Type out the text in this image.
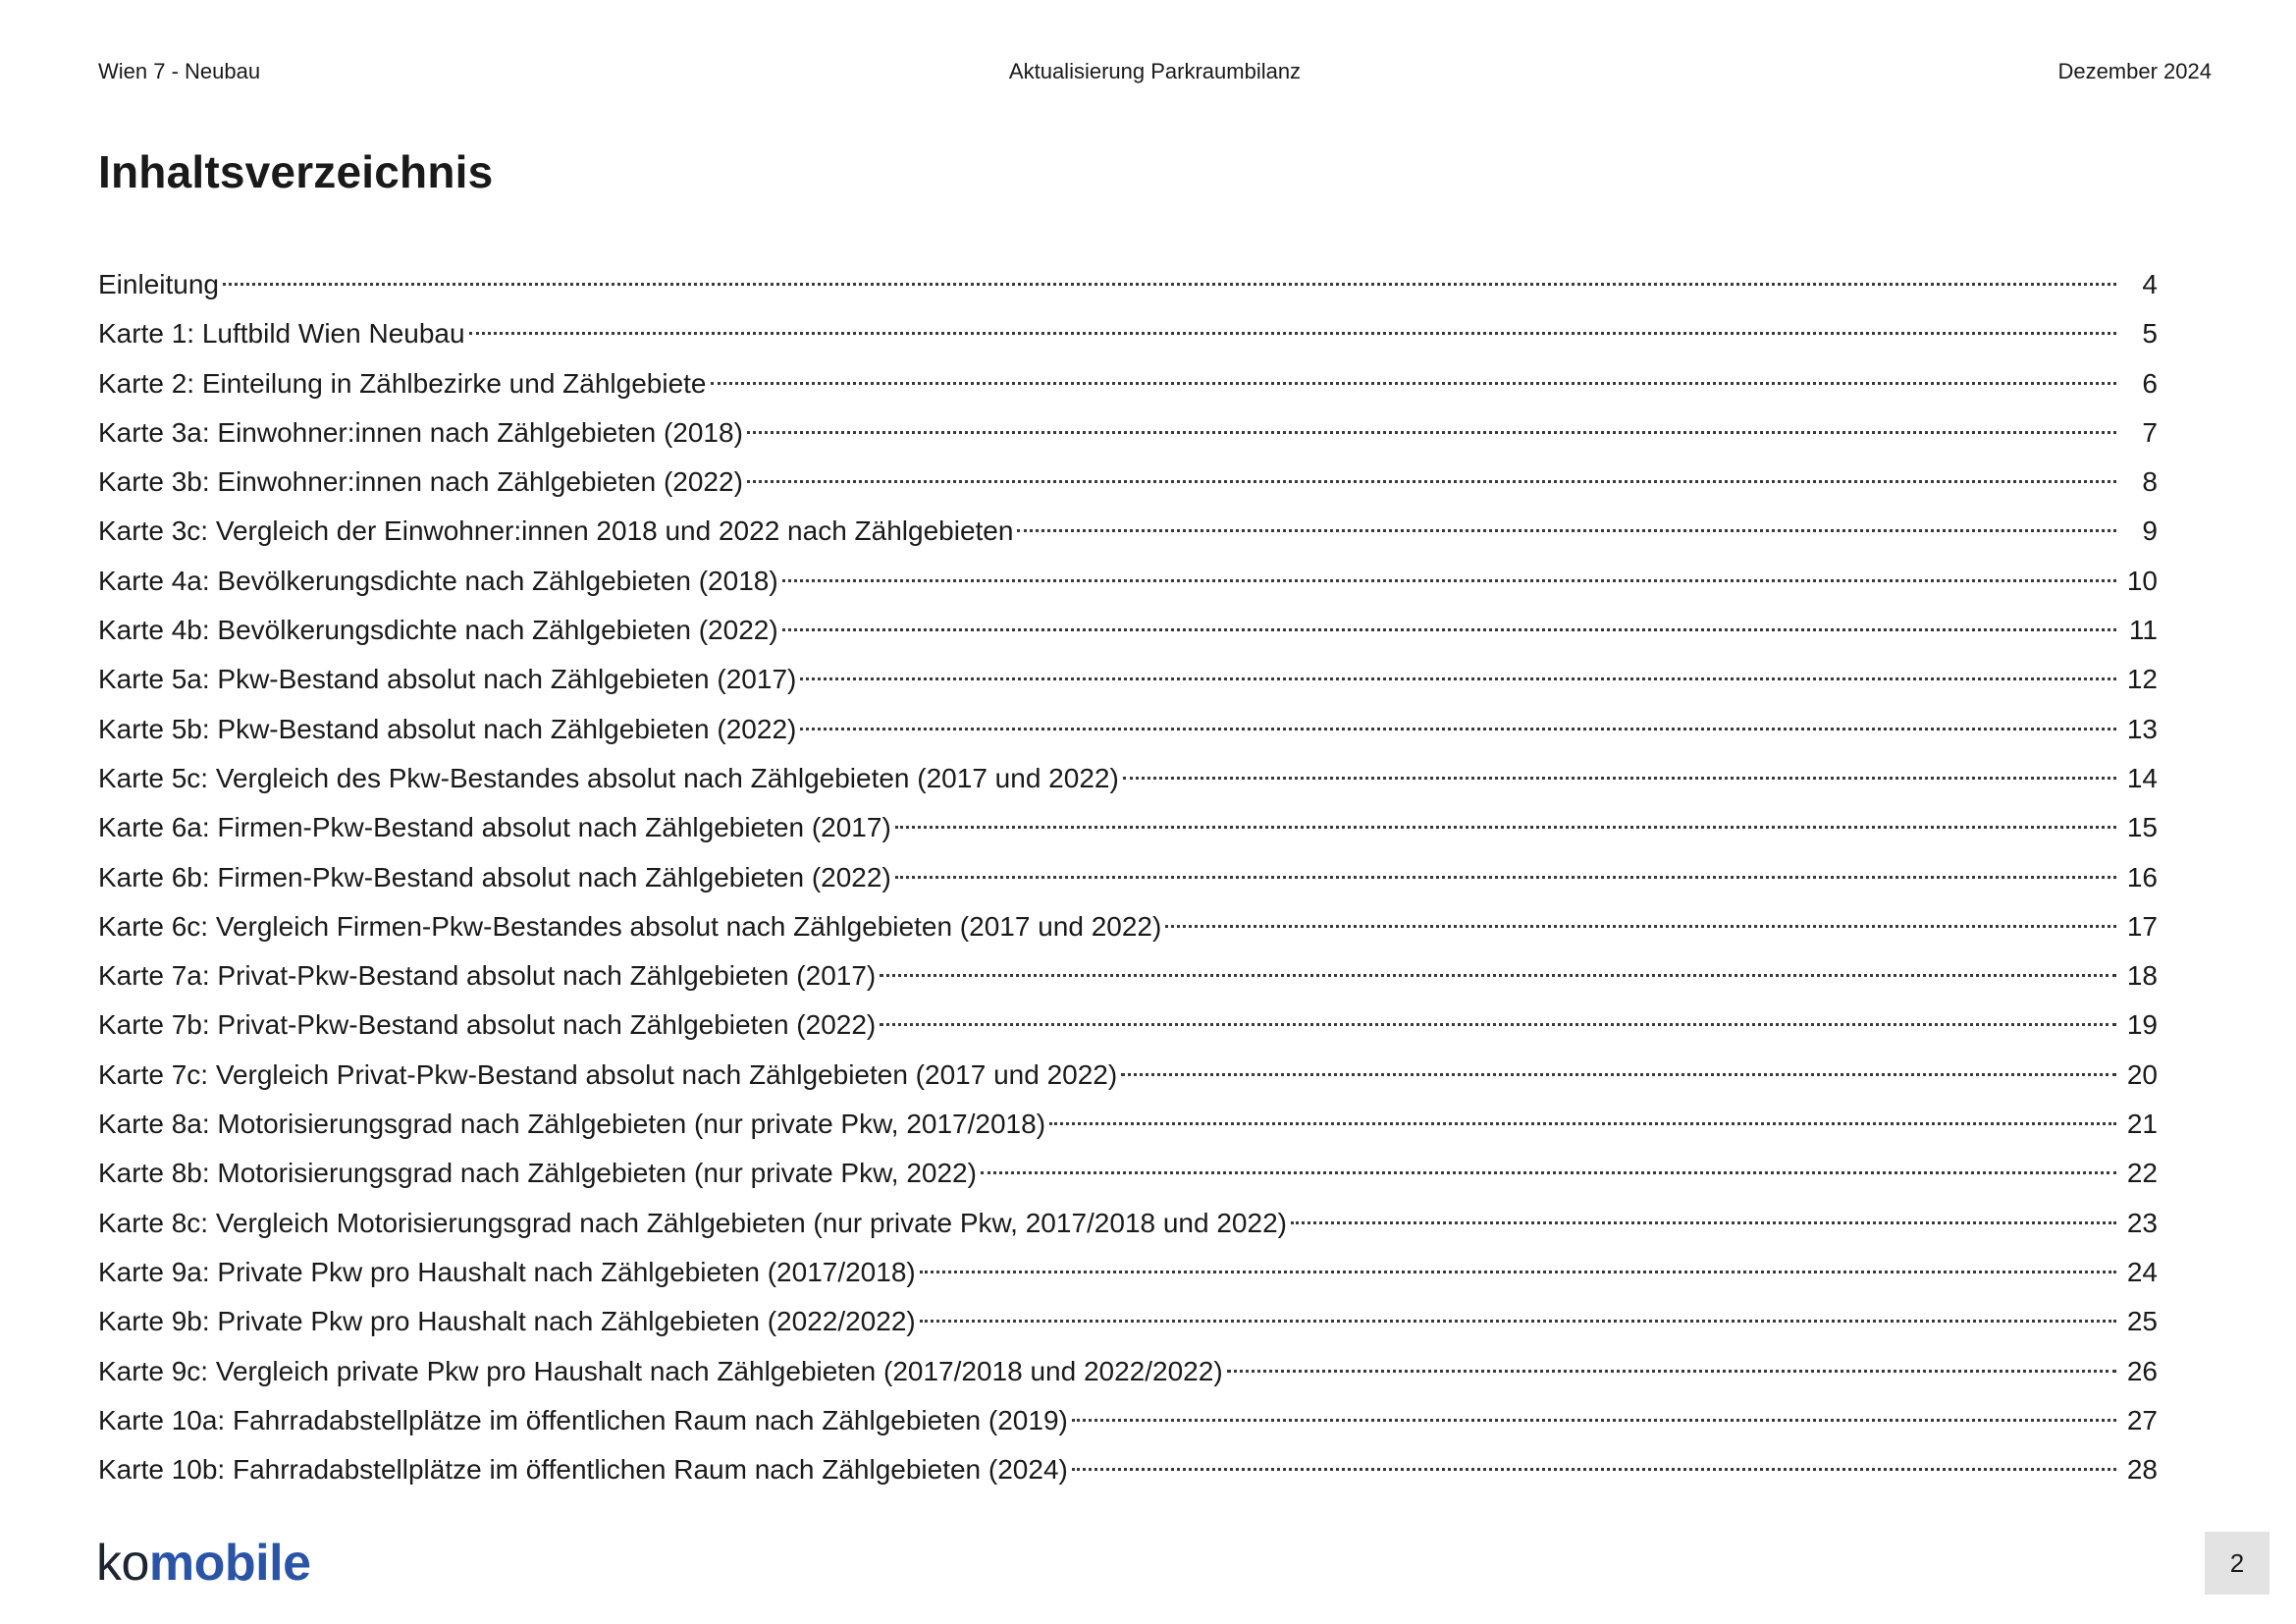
Wien 7 - Neubau	Aktualisierung Parkraumbilanz	Dezember 2024
Inhaltsverzeichnis
Einleitung	4
Karte 1: Luftbild Wien Neubau	5
Karte 2: Einteilung in Zählbezirke und Zählgebiete	6
Karte 3a: Einwohner:innen nach Zählgebieten (2018)	7
Karte 3b: Einwohner:innen nach Zählgebieten (2022)	8
Karte 3c: Vergleich der Einwohner:innen 2018 und 2022 nach Zählgebieten	9
Karte 4a: Bevölkerungsdichte nach Zählgebieten (2018)	10
Karte 4b: Bevölkerungsdichte nach Zählgebieten (2022)	11
Karte 5a: Pkw-Bestand absolut nach Zählgebieten (2017)	12
Karte 5b: Pkw-Bestand absolut nach Zählgebieten (2022)	13
Karte 5c: Vergleich des Pkw-Bestandes absolut nach Zählgebieten (2017 und 2022)	14
Karte 6a: Firmen-Pkw-Bestand absolut nach Zählgebieten (2017)	15
Karte 6b: Firmen-Pkw-Bestand absolut nach Zählgebieten (2022)	16
Karte 6c: Vergleich Firmen-Pkw-Bestandes absolut nach Zählgebieten (2017 und 2022)	17
Karte 7a: Privat-Pkw-Bestand absolut nach Zählgebieten (2017)	18
Karte 7b: Privat-Pkw-Bestand absolut nach Zählgebieten (2022)	19
Karte 7c: Vergleich Privat-Pkw-Bestand absolut nach Zählgebieten (2017 und 2022)	20
Karte 8a: Motorisierungsgrad nach Zählgebieten (nur private Pkw, 2017/2018)	21
Karte 8b: Motorisierungsgrad nach Zählgebieten (nur private Pkw, 2022)	22
Karte 8c: Vergleich Motorisierungsgrad nach Zählgebieten (nur private Pkw, 2017/2018 und 2022)	23
Karte 9a: Private Pkw pro Haushalt nach Zählgebieten (2017/2018)	24
Karte 9b: Private Pkw pro Haushalt nach Zählgebieten (2022/2022)	25
Karte 9c: Vergleich private Pkw pro Haushalt nach Zählgebieten (2017/2018 und 2022/2022)	26
Karte 10a: Fahrradabstellplätze im öffentlichen Raum nach Zählgebieten (2019)	27
Karte 10b: Fahrradabstellplätze im öffentlichen Raum nach Zählgebieten (2024)	28
komobile	2
